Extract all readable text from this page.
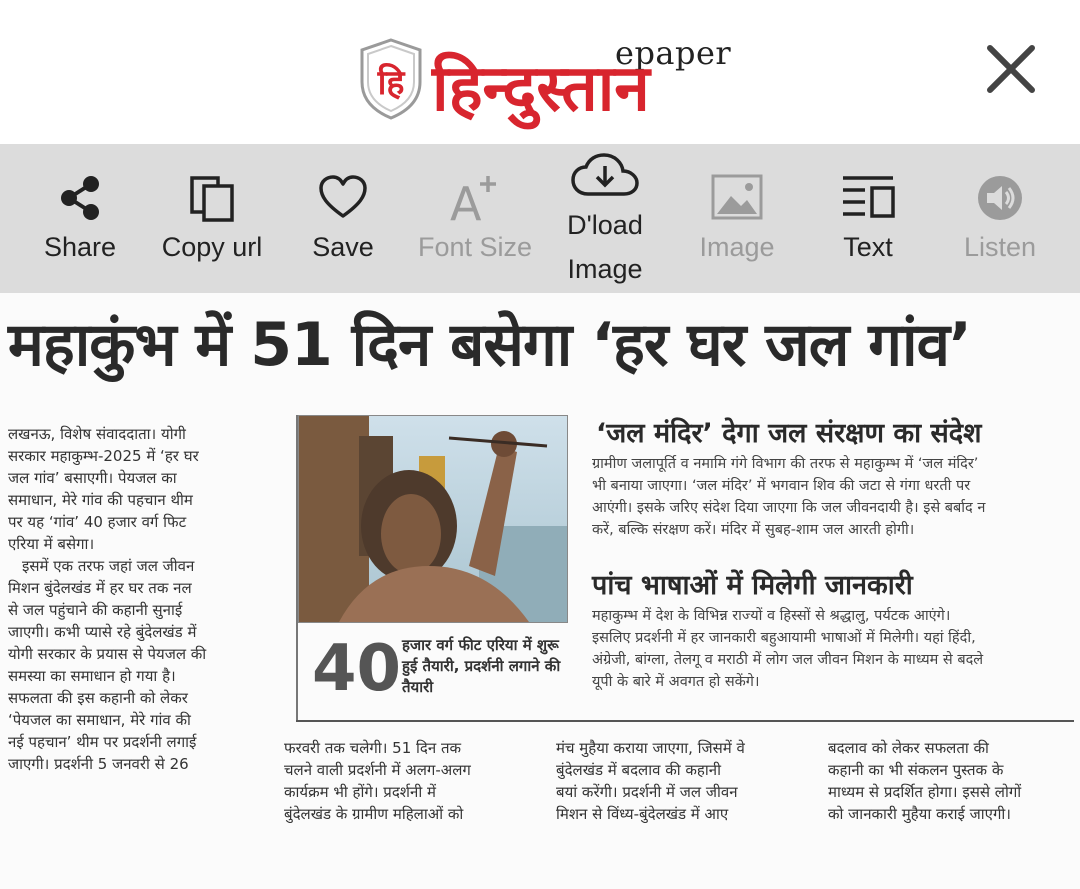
हि
epaper
हिन्दुस्तान
Share	Copy url	Save
A
Font Size
D'load
Image
Image	Text	Listen
महाकुंभ में 51 दिन बसेगा ‘हर घर जल गांव’

लखनऊ, विशेष संवाददाता। योगी

सरकार महाकुम्भ-2025 में ‘हर घर

जल गांव’ बसाएगी। पेयजल का

समाधान, मेरे गांव की पहचान थीम

पर यह ‘गांव’ 40 हजार वर्ग फिट

एरिया में बसेगा।

इसमें एक तरफ जहां जल जीवन

मिशन बुंदेलखंड में हर घर तक नल

से जल पहुंचाने की कहानी सुनाई

जाएगी। कभी प्यासे रहे बुंदेलखंड में

योगी सरकार के प्रयास से पेयजल की

समस्या का समाधान हो गया है।

सफलता की इस कहानी को लेकर

‘पेयजल का समाधान, मेरे गांव की

नई पहचान’ थीम पर प्रदर्शनी लगाई

जाएगी। प्रदर्शनी 5 जनवरी से 26

40 हजार वर्ग फीट एरिया में शुरू हुई तैयारी, प्रदर्शनी लगाने की तैयारी
‘जल मंदिर’ देगा जल संरक्षण का संदेश
ग्रामीण जलापूर्ति व नमामि गंगे विभाग की तरफ से महाकुम्भ में ‘जल मंदिर’
भी बनाया जाएगा। ‘जल मंदिर’ में भगवान शिव की जटा से गंगा धरती पर
आएंगी। इसके जरिए संदेश दिया जाएगा कि जल जीवनदायी है। इसे बर्बाद न
करें, बल्कि संरक्षण करें। मंदिर में सुबह-शाम जल आरती होगी।
पांच भाषाओं में मिलेगी जानकारी
महाकुम्भ में देश के विभिन्न राज्यों व हिस्सों से श्रद्धालु, पर्यटक आएंगे।
इसलिए प्रदर्शनी में हर जानकारी बहुआयामी भाषाओं में मिलेगी। यहां हिंदी,
अंग्रेजी, बांग्ला, तेलगू व मराठी में लोग जल जीवन मिशन के माध्यम से बदले
यूपी के बारे में अवगत हो सकेंगे।

फरवरी तक चलेगी। 51 दिन तक

चलने वाली प्रदर्शनी में अलग-अलग

कार्यक्रम भी होंगे। प्रदर्शनी में

बुंदेलखंड के ग्रामीण महिलाओं को

मंच मुहैया कराया जाएगा, जिसमें वे

बुंदेलखंड में बदलाव की कहानी

बयां करेंगी। प्रदर्शनी में जल जीवन

मिशन से विंध्य-बुंदेलखंड में आए

बदलाव को लेकर सफलता की

कहानी का भी संकलन पुस्तक के

माध्यम से प्रदर्शित होगा। इससे लोगों

को जानकारी मुहैया कराई जाएगी।
